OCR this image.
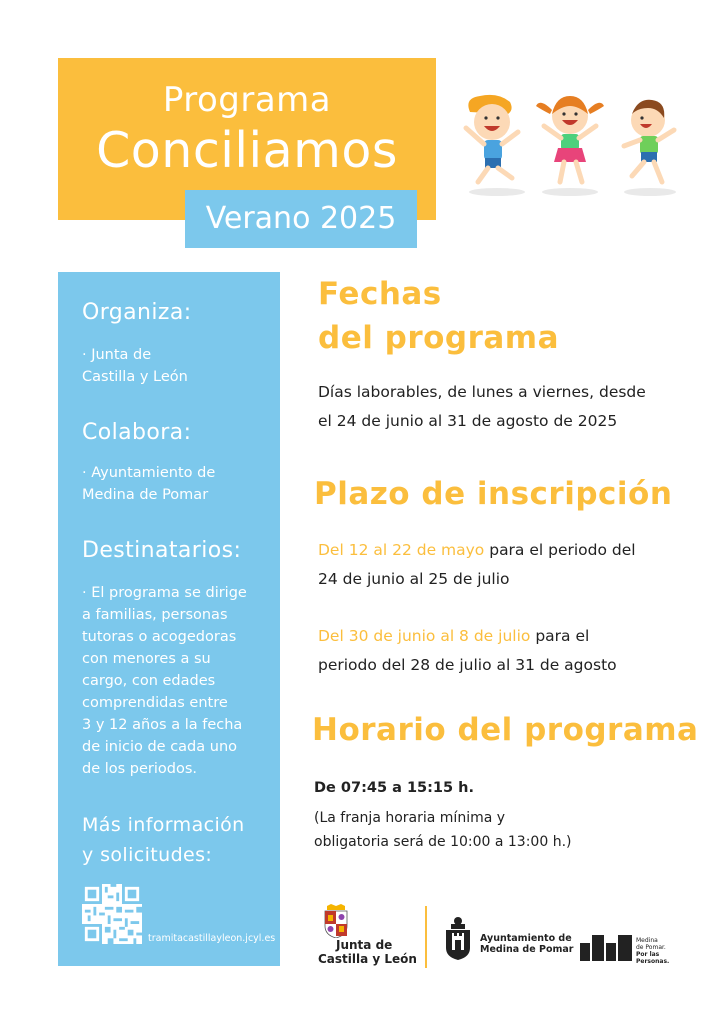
Programa
Conciliamos
Verano 2025
Organiza:
· Junta de
Castilla y León
Colabora:
· Ayuntamiento de
Medina de Pomar
Destinatarios:
· El programa se dirige
a familias, personas
tutoras o acogedoras
con menores a su
cargo, con edades
comprendidas entre
3 y 12 años a la fecha
de inicio de cada uno
de los periodos.
Más información
y solicitudes:
tramitacastillayleon.jcyl.es
Fechas
del programa
Días laborables, de lunes a viernes, desde
el 24 de junio al 31 de agosto de 2025
Plazo de inscripción
Del 12 al 22 de mayo para el periodo del
24 de junio al 25 de julio
Del 30 de junio al 8 de julio para el
periodo del 28 de julio al 31 de agosto
Horario del programa
De 07:45 a 15:15 h.
(La franja horaria mínima y
obligatoria será de 10:00 a 13:00 h.)
Junta de
Castilla y León
Ayuntamiento de
Medina de Pomar
Medina
de Pomar.
Por las
Personas.
